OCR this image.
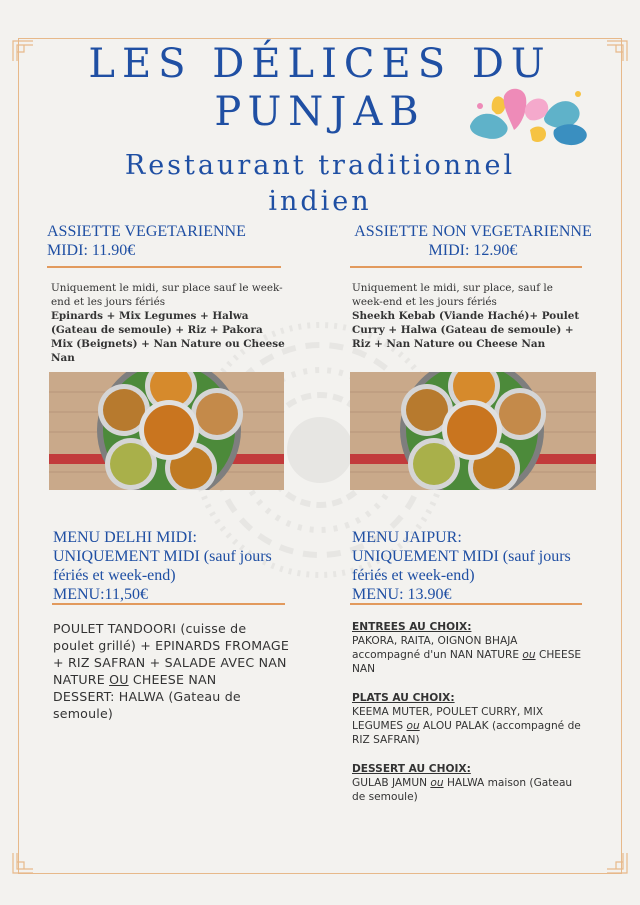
LES DÉLICES DU PUNJAB
Restaurant traditionnel indien
ASSIETTE VEGETARIENNE
MIDI: 11.90€
Uniquement le midi, sur place sauf le week-end et les jours fériés
Epinards + Mix Legumes + Halwa (Gateau de semoule) + Riz + Pakora Mix (Beignets) + Nan Nature ou Cheese Nan
ASSIETTE NON VEGETARIENNE
MIDI: 12.90€
Uniquement le midi, sur place, sauf le week-end et les jours fériés
Sheekh Kebab (Viande Haché)+ Poulet Curry + Halwa (Gateau de semoule) + Riz + Nan Nature ou Cheese Nan
MENU DELHI MIDI:
UNIQUEMENT MIDI (sauf jours
fériés et week-end)
MENU:11,50€
POULET TANDOORI (cuisse de poulet grillé) + EPINARDS FROMAGE + RIZ SAFRAN + SALADE AVEC NAN NATURE OU CHEESE NAN
DESSERT: HALWA (Gateau de semoule)
MENU JAIPUR:
UNIQUEMENT MIDI (sauf jours
fériés et week-end)
MENU: 13.90€
ENTREES AU CHOIX:
PAKORA, RAITA, OIGNON BHAJA accompagné d'un NAN NATURE ou CHEESE NAN
PLATS AU CHOIX:
KEEMA MUTER, POULET CURRY, MIX LEGUMES ou ALOU PALAK (accompagné de RIZ SAFRAN)
DESSERT AU CHOIX:
GULAB JAMUN ou HALWA maison (Gateau de semoule)
